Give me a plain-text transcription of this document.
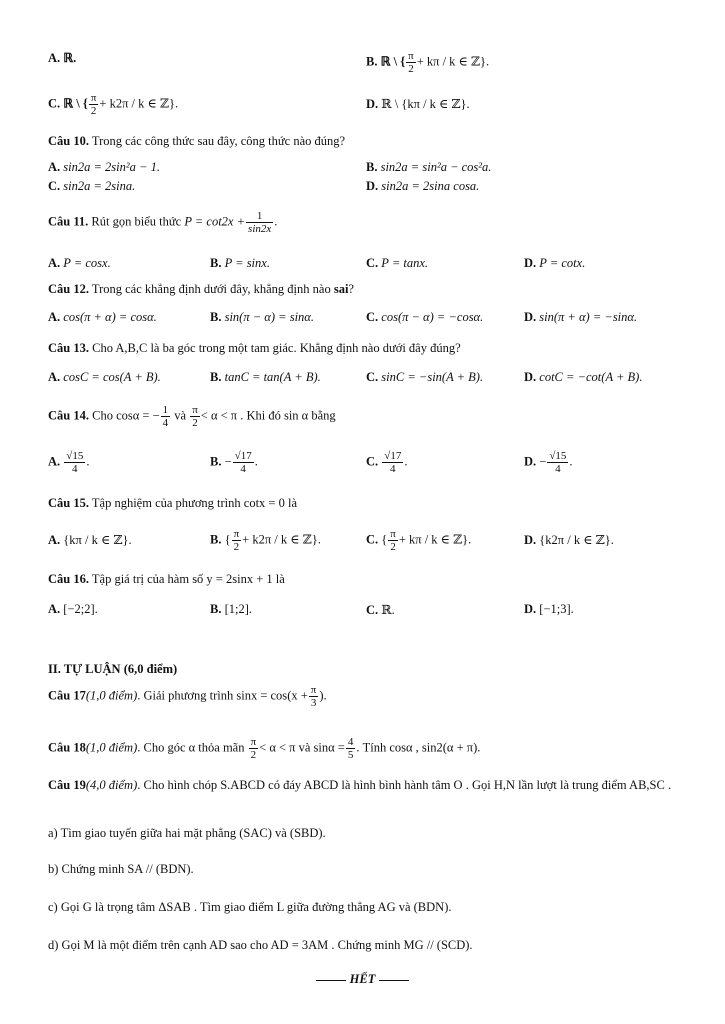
A. ℝ.	B. ℝ \ { $\frac{\pi}{2} + k\pi / k$ ∈ ℤ}.
C. ℝ \ { $\frac{\pi}{2} + k2\pi / k$ ∈ ℤ}.	D. ℝ \ {kπ / k ∈ ℤ}.
Câu 10. Trong các công thức sau đây, công thức nào đúng?
A. sin2a = 2sin²a − 1.	B. sin2a = sin²a − cos²a.
C. sin2a = 2sina.	D. sin2a = 2sina cosa.
Câu 11. Rút gọn biểu thức $P = \cot 2x + \frac{1}{\sin 2x}$ .
A. P = cosx.	B. P = sinx.	C. P = tanx.	D. P = cotx.
Câu 12. Trong các khẳng định dưới đây, khẳng định nào sai?
A. cos(π + α) = cosα.	B. sin(π − α) = sinα.	C. cos(π − α) = −cosα.	D. sin(π + α) = −sinα.
Câu 13. Cho A,B,C là ba góc trong một tam giác. Khẳng định nào dưới đây đúng?
A. cosC = cos(A + B).	B. tanC = tan(A + B).	C. sinC = −sin(A + B).	D. cotC = −cot(A + B).
Câu 14. Cho cosα = − $\frac{1}{4}$ và $\frac{\pi}{2} < \alpha < \pi$ . Khi đó sin α bằng
A. $\frac{√15}{4}$ .	B. − $\frac{√17}{4}$ .	C. $\frac{√17}{4}$ .	D. − $\frac{√15}{4}$ .
Câu 15. Tập nghiệm của phương trình cotx = 0 là
A. {kπ / k ∈ ℤ}.	B. { $\frac{\pi}{2} + k2\pi / k$ ∈ ℤ}.	C. { $\frac{\pi}{2} + k\pi / k$ ∈ ℤ}.	D. {k2π / k ∈ ℤ}.
Câu 16. Tập giá trị của hàm số y = 2sinx + 1 là
A. [−2;2].	B. [1;2].	C. ℝ.	D. [−1;3].
II. TỰ LUẬN (6,0 điểm)
Câu 17(1,0 điểm). Giải phương trình $\sin x = \cos(x + \frac{\pi}{3}$ ).
Câu 18(1,0 điểm). Cho góc α thỏa mãn $\frac{\pi}{2} < \alpha < \pi$ và $\sin\alpha = \frac{4}{5}$ . Tính cosα , sin2(α + π).
Câu 19(4,0 điểm). Cho hình chóp S.ABCD có đáy ABCD là hình bình hành tâm O . Gọi H,N lần lượt là trung điểm AB,SC .
a) Tìm giao tuyến giữa hai mặt phẳng (SAC) và (SBD).
b) Chứng minh SA // (BDN).
c) Gọi G là trọng tâm ΔSAB . Tìm giao điểm L giữa đường thẳng AG và (BDN).
d) Gọi M là một điểm trên cạnh AD sao cho AD = 3AM . Chứng minh MG // (SCD).
HẾT
